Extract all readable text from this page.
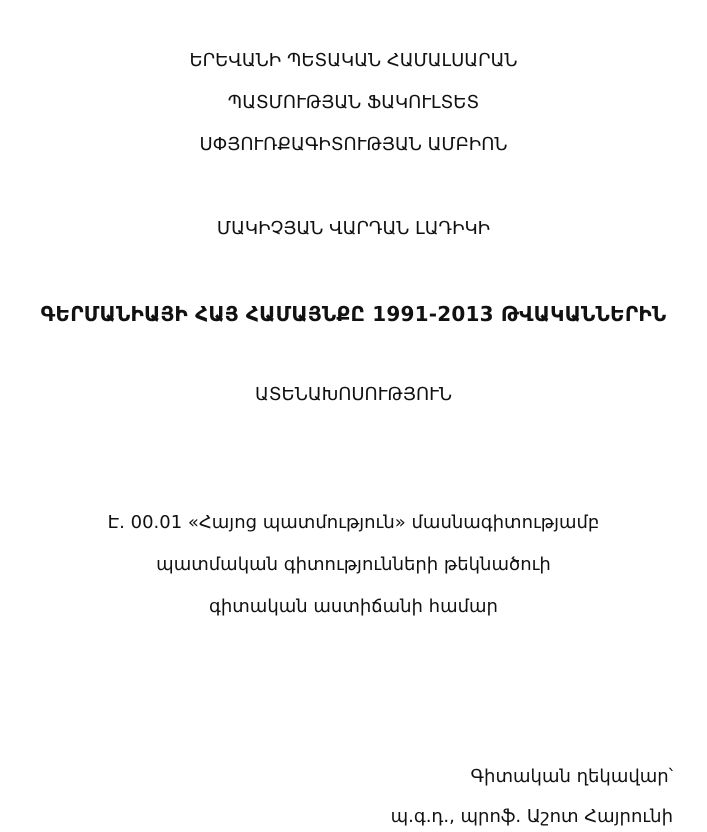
ԵՐԵՎԱՆԻ ՊԵՏԱԿԱՆ ՀԱՄԱԼՍԱՐԱՆ
ՊԱՏՄՈՒԹՅԱՆ ՖԱԿՈՒԼՏԵՏ
ՍՓՅՈՒՌՔԱԳԻՏՈՒԹՅԱՆ ԱՄԲԻՈՆ
ՄԱԿԻՉՅԱՆ ՎԱՐԴԱՆ ԼԱԴԻԿԻ
ԳԵՐՄԱՆԻԱՅԻ ՀԱՅ ՀԱՄԱՅՆՔԸ 1991-2013 ԹՎԱԿԱՆՆԵՐԻՆ
ԱՏԵՆԱԽՈՍՈՒԹՅՈՒՆ
Է. 00.01 «Հայոց պատմություն» մասնագիտությամբ
պատմական գիտությունների թեկնածուի
գիտական աստիճանի համար
Գիտական ղեկավար՝
պ.գ.դ., պրոֆ. Աշոտ Հայրունի
